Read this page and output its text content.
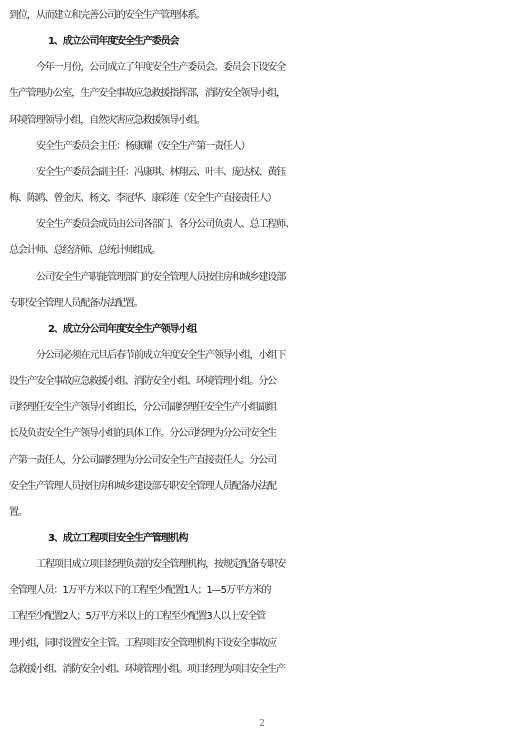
到位，从而建立和完善公司的安全生产管理体系。
1、成立公司年度安全生产委员会
今年一月份，公司成立了年度安全生产委员会。委员会下设安全
生产管理办公室，生产安全事故应急救援指挥部，消防安全领导小组，
环境管理领导小组，自然灾害应急救援领导小组。
安全生产委员会主任：杨康耀（安全生产第一责任人）
安全生产委员会副主任：冯康琪、林翔云、叶丰、庞达权、黄钰
梅、陈鸥、曾金庆、杨文、李冠华、康彩莲（安全生产直接责任人）
安全生产委员会成员由公司各部门、各分公司负责人、总工程师、
总会计师、总经济师、总统计师组成。
公司安全生产职能管理部门的安全管理人员按住房和城乡建设部
专职安全管理人员配备办法配置。
2、成立分公司年度安全生产领导小组
分公司必须在元旦后春节前成立年度安全生产领导小组，小组下
设生产安全事故应急救援小组、消防安全小组、环境管理小组。分公
司经理任安全生产领导小组组长，分公司副经理任安全生产小组副组
长及负责安全生产领导小组的具体工作。分公司经理为分公司安全生
产第一责任人，分公司副经理为分公司安全生产直接责任人。分公司
安全生产管理人员按住房和城乡建设部专职安全管理人员配备办法配
置。
3、成立工程项目安全生产管理机构
工程项目成立项目经理负责的安全管理机构，按规定配备专职安
全管理人员：1万平方米以下的工程至少配置1人；1—5万平方米的
工程至少配置2人；5万平方米以上的工程至少配置3人以上安全管
理小组，同时设置安全主管。工程项目安全管理机构下设安全事故应
急救援小组、消防安全小组、环境管理小组。项目经理为项目安全生产
2
